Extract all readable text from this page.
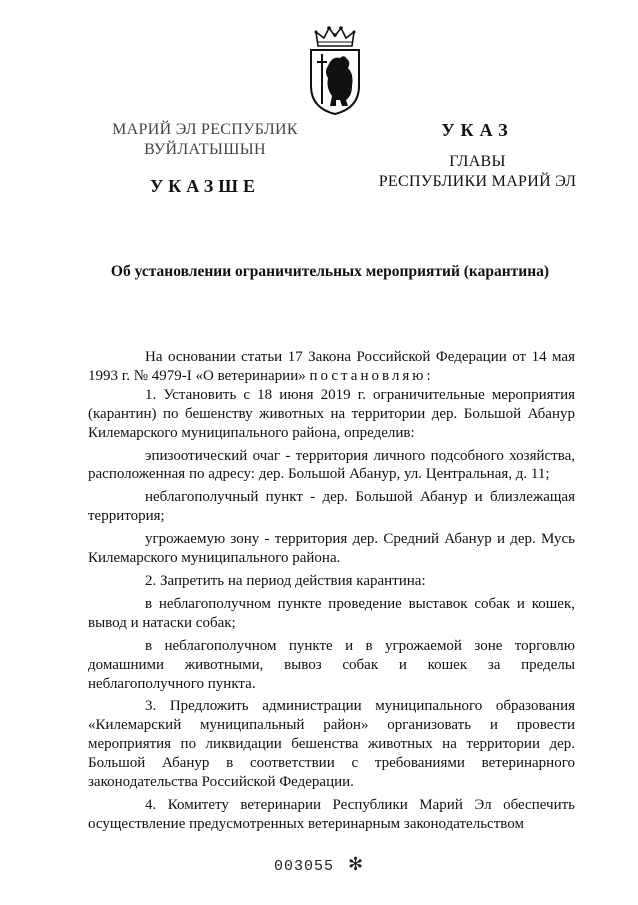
МАРИЙ ЭЛ РЕСПУБЛИК
ВУЙЛАТЫШЫН
УКАЗШЕ
УКАЗ
ГЛАВЫ
РЕСПУБЛИКИ МАРИЙ ЭЛ
Об установлении ограничительных мероприятий (карантина)

На основании статьи 17 Закона Российской Федерации от 14 мая 1993 г. № 4979-I «О ветеринарии» постановляю:

1. Установить с 18 июня 2019 г. ограничительные мероприятия (карантин) по бешенству животных на территории дер. Большой Абанур Килемарского муниципального района, определив:

эпизоотический очаг - территория личного подсобного хозяйства, расположенная по адресу: дер. Большой Абанур, ул. Центральная, д. 11;

неблагополучный пункт - дер. Большой Абанур и близлежащая территория;

угрожаемую зону - территория дер. Средний Абанур и дер. Мусь Килемарского муниципального района.

2. Запретить на период действия карантина:

в неблагополучном пункте проведение выставок собак и кошек, вывод и натаски собак;

в неблагополучном пункте и в угрожаемой зоне торговлю домашними животными, вывоз собак и кошек за пределы неблагополучного пункта.

3. Предложить администрации муниципального образования «Килемарский муниципальный район» организовать и провести мероприятия по ликвидации бешенства животных на территории дер. Большой Абанур в соответствии с требованиями ветеринарного законодательства Российской Федерации.

4. Комитету ветеринарии Республики Марий Эл обеспечить осуществление предусмотренных ветеринарным законодательством

003055 ✻
